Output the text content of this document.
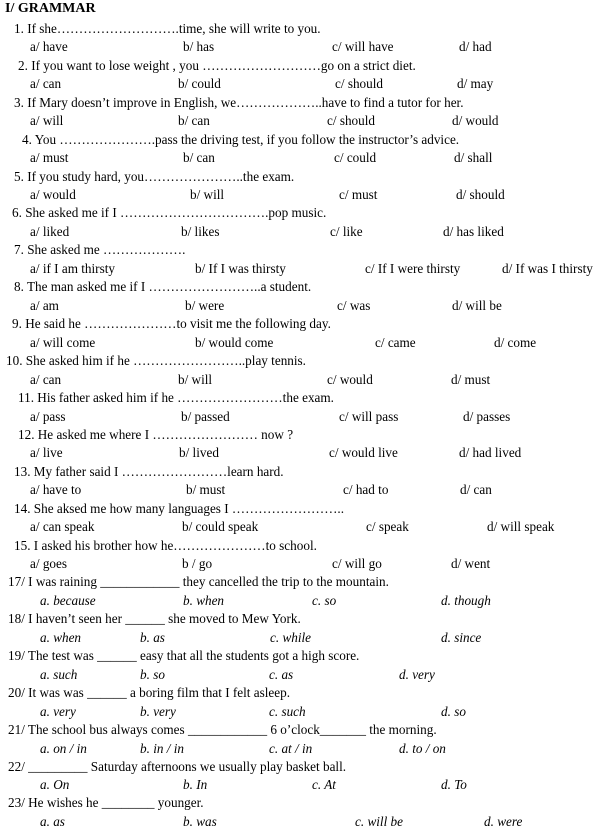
I/ GRAMMAR
1. If she……………………….time, she will write to you.
a/ have	b/ has	c/ will have	d/ had
2. If you want to lose weight , you ………………………go on a strict diet.
a/ can	b/ could	c/ should	d/ may
3. If Mary doesn’t improve in English, we………………..have to find a tutor for her.
a/ will	b/ can	c/ should	d/ would
4. You ………………….pass the driving test, if you follow the instructor’s advice.
a/ must	b/ can	c/ could	d/ shall
5. If you study hard, you…………………..the exam.
a/ would	b/ will	c/ must	d/ should
6. She asked me if I …………………………….pop music.
a/ liked	b/ likes	c/ like	d/ has liked
7. She asked me ……………….
a/ if I am thirsty	b/ If I was thirsty	c/ If I were thirsty	d/ If was I thirsty
8. The man asked me if I ……………………..a student.
a/ am	b/ were	c/ was	d/ will be
9. He said he …………………to visit me the following day.
a/ will come	b/ would come	c/ came	d/ come
10. She asked him if he ……………………..play tennis.
a/ can	b/ will	c/ would	d/ must
11. His father asked him if he ……………………the exam.
a/ pass	b/ passed	c/ will pass	d/ passes
12. He asked me where I …………………… now ?
a/ live	b/ lived	c/ would live	d/ had lived
13. My father said I ……………………learn hard.
a/ have to	b/ must	c/ had to	d/ can
14. She aksed me how many languages I ……………………..
a/ can speak	b/ could speak	c/ speak	d/ will speak
15. I asked his brother how he…………………to school.
a/ goes	b / go	c/ will go	d/ went
17/ I was raining ____________ they cancelled the trip to the mountain.
a. because	b. when	c. so	d. though
18/ I haven’t seen her ______ she moved to Mew York.
a. when	b. as	c. while	d. since
19/ The test was ______ easy that all the students got a high score.
a. such	b. so	c. as	d. very
20/ It was was ______ a boring film that I felt asleep.
a. very	b. very	c. such	d. so
21/ The school bus always comes ____________ 6 o’clock_______ the morning.
a. on / in	b. in / in	c. at / in	d. to / on
22/ _________ Saturday afternoons we usually play basket ball.
a. On	b. In	c. At	d. To
23/ He wishes he ________ younger.
a. as	b. was	c. will be	d. were
